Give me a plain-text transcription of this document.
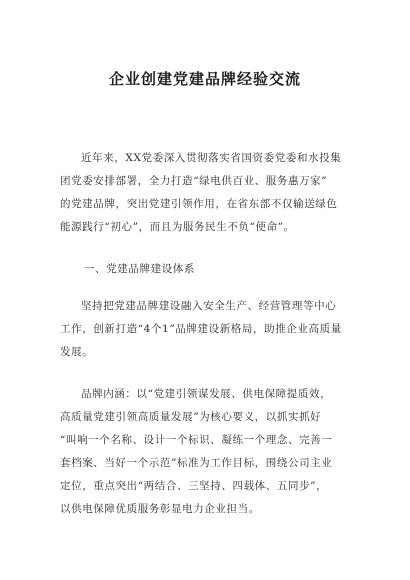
企业创建党建品牌经验交流
近年来，XX党委深入贯彻落实省国资委党委和水投集
团党委安排部署，全力打造“绿电供百业、服务惠万家”
的党建品牌，突出党建引领作用，在省东部不仅输送绿色
能源践行“初心”，而且为服务民生不负“使命”。
一、党建品牌建设体系
坚持把党建品牌建设融入安全生产、经营管理等中心
工作，创新打造“4个1”品牌建设新格局，助推企业高质量
发展。
品牌内涵：以“党建引领谋发展、供电保障提质效，
高质量党建引领高质量发展”为核心要义，以抓实抓好
“叫响一个名称、设计一个标识、凝练一个理念、完善一
套档案、当好一个示范”标准为工作目标，围绕公司主业
定位，重点突出“两结合、三坚持、四载体、五同步”，
以供电保障优质服务彰显电力企业担当。
